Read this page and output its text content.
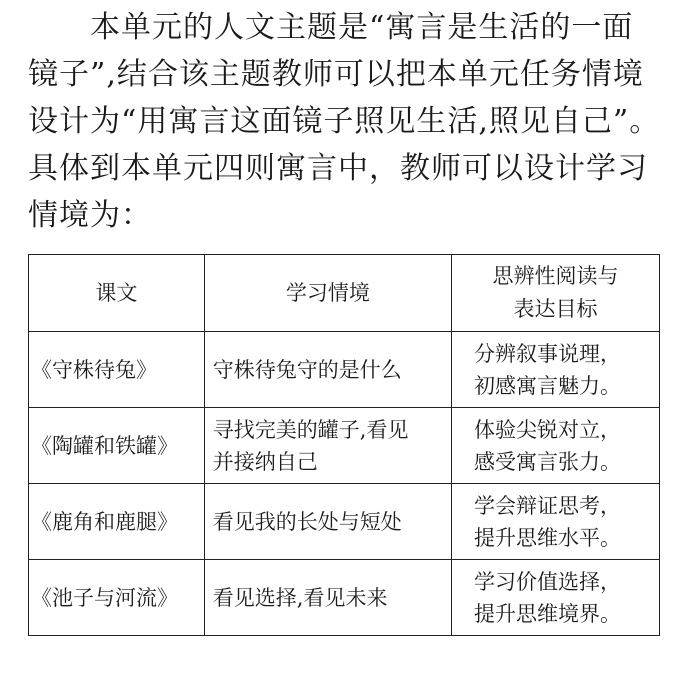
本单元的人文主题是“寓言是生活的一面
镜子”,结合该主题教师可以把本单元任务情境
设计为“用寓言这面镜子照见生活,照见自己”。
具体到本单元四则寓言中，教师可以设计学习
情境为：
课文	学习情境	思辨性阅读与
表达目标

《守株待兔》	守株待兔守的是什么	分辨叙事说理，
初感寓言魅力。

《陶罐和铁罐》	寻找完美的罐子,看见
并接纳自己	体验尖锐对立，
感受寓言张力。

《鹿角和鹿腿》	看见我的长处与短处	学会辩证思考，
提升思维水平。

《池子与河流》	看见选择,看见未来	学习价值选择，
提升思维境界。
